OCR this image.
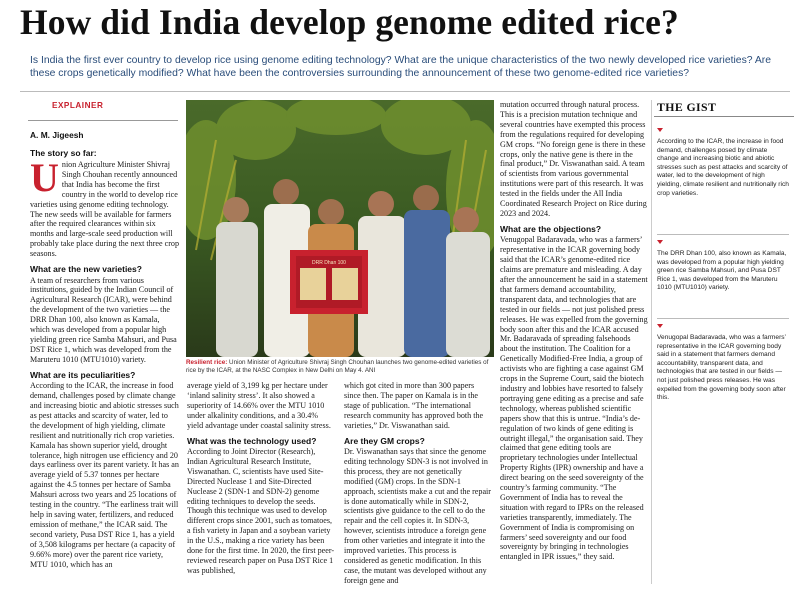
How did India develop genome edited rice?

Is India the first ever country to develop rice using genome editing technology? What are the unique characteristics of the two newly developed rice varieties? Are these crops genetically modified? What have been the controversies surrounding the announcement of these two genome-edited rice varieties?

EXPLAINER
A. M. Jigeesh
The story so far:

Union Agriculture Minister Shivraj Singh Chouhan recently announced that India has become the first country in the world to develop rice varieties using genome editing technology. The new seeds will be available for farmers after the required clearances within six months and large-scale seed production will probably take place during the next three crop seasons.

What are the new varieties?

A team of researchers from various institutions, guided by the Indian Council of Agricultural Research (ICAR), were behind the development of the two varieties — the DRR Dhan 100, also known as Kamala, which was developed from a popular high yielding green rice Samba Mahsuri, and Pusa DST Rice 1, which was developed from the Maruteru 1010 (MTU1010) variety.

What are its peculiarities?

According to the ICAR, the increase in food demand, challenges posed by climate change and increasing biotic and abiotic stresses such as pest attacks and scarcity of water, led to the development of high yielding, climate resilient and nutritionally rich crop varieties. Kamala has shown superior yield, drought tolerance, high nitrogen use efficiency and 20 days earliness over its parent variety. It has an average yield of 5.37 tonnes per hectare against the 4.5 tonnes per hectare of Samba Mahsuri across two years and 25 locations of testing in the country. “The earliness trait will help in saving water, fertilizers, and reduced emission of methane,” the ICAR said. The second variety, Pusa DST Rice 1, has a yield of 3,508 kilograms per hectare (a capacity of 9.66% more) over the parent rice variety, MTU 1010, which has an

DRR Dhan 100
Resilient rice: Union Minister of Agriculture Shivraj Singh Chouhan launches two genome-edited varieties of rice by the ICAR, at the NASC Complex in New Delhi on May 4. ANI

average yield of 3,199 kg per hectare under ‘inland salinity stress’. It also showed a superiority of 14.66% over the MTU 1010 under alkalinity conditions, and a 30.4% yield advantage under coastal salinity stress.

What was the technology used?

According to Joint Director (Research), Indian Agricultural Research Institute, Viswanathan. C, scientists have used Site-Directed Nuclease 1 and Site-Directed Nuclease 2 (SDN-1 and SDN-2) genome editing techniques to develop the seeds. Though this technique was used to develop different crops since 2001, such as tomatoes, a fish variety in Japan and a soybean variety in the U.S., making a rice variety has been done for the first time. In 2020, the first peer-reviewed research paper on Pusa DST Rice 1 was published,

which got cited in more than 300 papers since then. The paper on Kamala is in the stage of publication. “The international research community has approved both the varieties,” Dr. Viswanathan said.

Are they GM crops?

Dr. Viswanathan says that since the genome editing technology SDN-3 is not involved in this process, they are not genetically modified (GM) crops. In the SDN-1 approach, scientists make a cut and the repair is done automatically while in SDN-2, scientists give guidance to the cell to do the repair and the cell copies it. In SDN-3, however, scientists introduce a foreign gene from other varieties and integrate it into the improved varieties. This process is considered as genetic modification. In this case, the mutant was developed without any foreign gene and

mutation occurred through natural process. This is a precision mutation technique and several countries have exempted this process from the regulations required for developing GM crops. “No foreign gene is there in these crops, only the native gene is there in the final product,” Dr. Viswanathan said. A team of scientists from various governmental institutions were part of this research. It was tested in the fields under the All India Coordinated Research Project on Rice during 2023 and 2024.

What are the objections?

Venugopal Badaravada, who was a farmers’ representative in the ICAR governing body said that the ICAR’s genome-edited rice claims are premature and misleading. A day after the announcement he said in a statement that farmers demand accountability, transparent data, and technologies that are tested in our fields — not just polished press releases. He was expelled from the governing body soon after this and the ICAR accused Mr. Badaravada of spreading falsehoods about the institution. The Coalition for a Genetically Modified-Free India, a group of activists who are fighting a case against GM crops in the Supreme Court, said the biotech industry and lobbies have resorted to falsely portraying gene editing as a precise and safe technology, whereas published scientific papers show that this is untrue. “India’s de-regulation of two kinds of gene editing is outright illegal,” the organisation said. They claimed that gene editing tools are proprietary technologies under Intellectual Property Rights (IPR) ownership and have a direct bearing on the seed sovereignty of the country’s farming community. “The Government of India has to reveal the situation with regard to IPRs on the released varieties transparently, immediately. The Government of India is compromising on farmers’ seed sovereignty and our food sovereignty by bringing in technologies entangled in IPR issues,” they said.

THE GIST
According to the ICAR, the increase in food demand, challenges posed by climate change and increasing biotic and abiotic stresses such as pest attacks and scarcity of water, led to the development of high yielding, climate resilient and nutritionally rich crop varieties.
The DRR Dhan 100, also known as Kamala, was developed from a popular high yielding green rice Samba Mahsuri, and Pusa DST Rice 1, was developed from the Maruteru 1010 (MTU1010) variety.
Venugopal Badaravada, who was a farmers’ representative in the ICAR governing body said in a statement that farmers demand accountability, transparent data, and technologies that are tested in our fields — not just polished press releases. He was expelled from the governing body soon after this.
